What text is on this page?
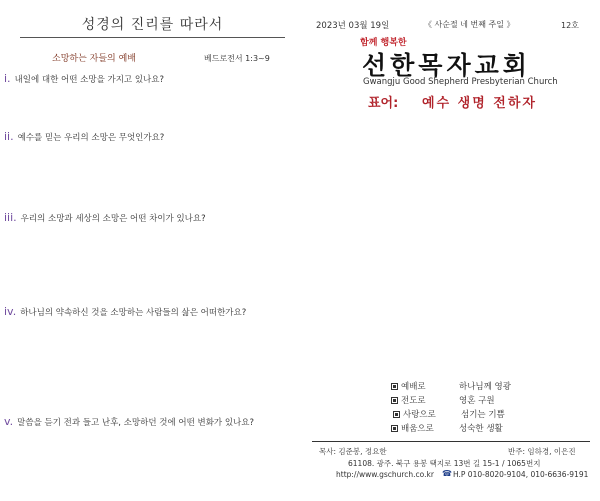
성경의 진리를 따라서
소망하는 자들의 예배	베드로전서 1:3~9
i. 내일에 대한 어떤 소망을 가지고 있나요?
ii. 예수를 믿는 우리의 소망은 무엇인가요?
iii. 우리의 소망과 세상의 소망은 어떤 차이가 있나요?
iv. 하나님의 약속하신 것을 소망하는 사람들의 삶은 어떠한가요?
v. 말씀을 듣기 전과 들고 난후, 소망하던 것에 어떤 변화가 있나요?
2023년 03월 19일	《 사순절 네 번째 주일 》	12호
함께 행복한
선한목자교회
Gwangju Good Shepherd Presbyterian Church
표어: 예수 생명 전하자
예배로	하나님께 영광
전도로	영혼 구원
사랑으로	섬기는 기쁨
배움으로	성숙한 생활
목사: 김준봉, 정요한	반주: 임하경, 이은진
61108. 광주. 북구 용봉 택지로 13번 길 15-1 / 1065번지
http://www.gschurch.co.kr ☎ H.P 010-8020-9104, 010-6636-9191
